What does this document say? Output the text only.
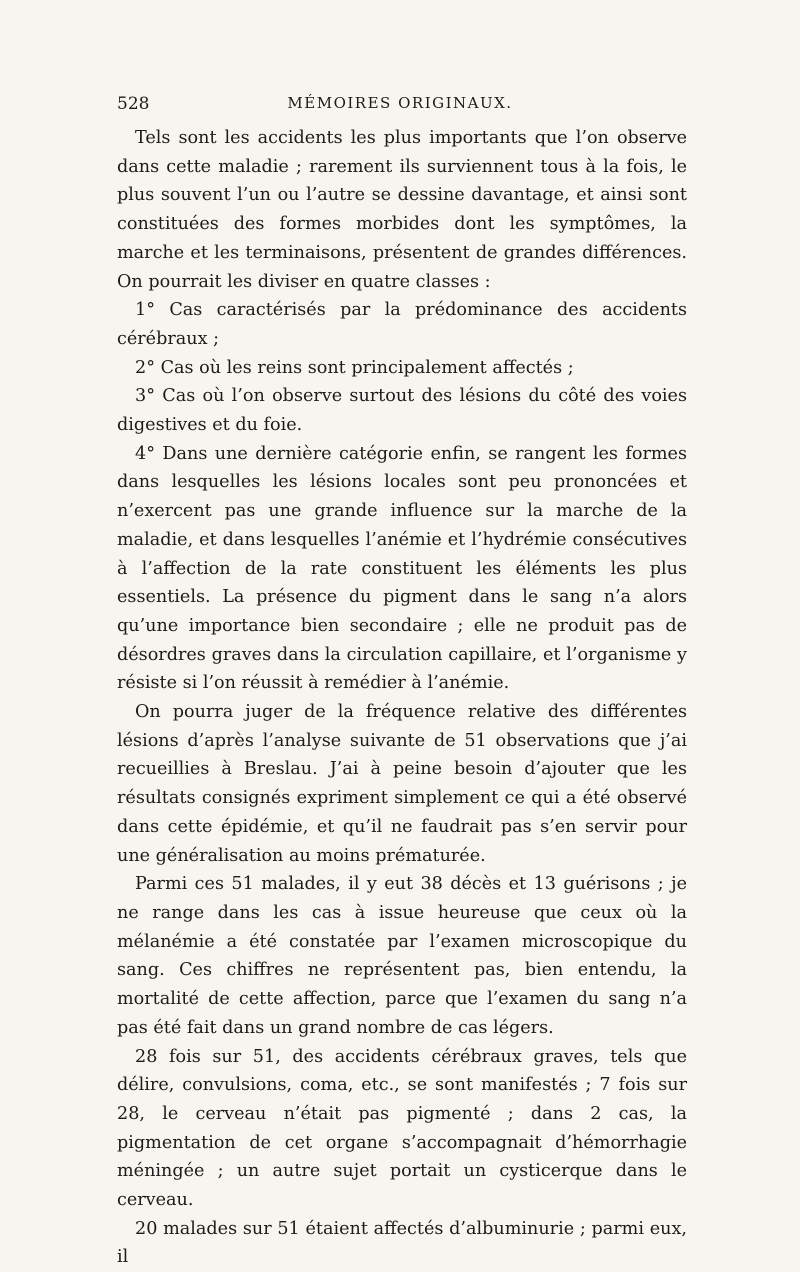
528	MÉMOIRES ORIGINAUX.

Tels sont les accidents les plus importants que l’on observe dans cette maladie ; rarement ils surviennent tous à la fois, le plus souvent l’un ou l’autre se dessine davantage, et ainsi sont constituées des formes morbides dont les symptômes, la marche et les terminaisons, présentent de grandes différences. On pourrait les diviser en quatre classes :

1° Cas caractérisés par la prédominance des accidents cérébraux ;

2° Cas où les reins sont principalement affectés ;

3° Cas où l’on observe surtout des lésions du côté des voies digestives et du foie.

4° Dans une dernière catégorie enfin, se rangent les formes dans lesquelles les lésions locales sont peu prononcées et n’exercent pas une grande influence sur la marche de la maladie, et dans lesquelles l’anémie et l’hydrémie consécutives à l’affection de la rate constituent les éléments les plus essentiels. La présence du pigment dans le sang n’a alors qu’une importance bien secondaire ; elle ne produit pas de désordres graves dans la circulation capillaire, et l’organisme y résiste si l’on réussit à remédier à l’anémie.

On pourra juger de la fréquence relative des différentes lésions d’après l’analyse suivante de 51 observations que j’ai recueillies à Breslau. J’ai à peine besoin d’ajouter que les résultats consignés expriment simplement ce qui a été observé dans cette épidémie, et qu’il ne faudrait pas s’en servir pour une généralisation au moins prématurée.

Parmi ces 51 malades, il y eut 38 décès et 13 guérisons ; je ne range dans les cas à issue heureuse que ceux où la mélanémie a été constatée par l’examen microscopique du sang. Ces chiffres ne représentent pas, bien entendu, la mortalité de cette affection, parce que l’examen du sang n’a pas été fait dans un grand nombre de cas légers.

28 fois sur 51, des accidents cérébraux graves, tels que délire, convulsions, coma, etc., se sont manifestés ; 7 fois sur 28, le cerveau n’était pas pigmenté ; dans 2 cas, la pigmentation de cet organe s’accompagnait d’hémorrhagie méningée ; un autre sujet portait un cysticerque dans le cerveau.

20 malades sur 51 étaient affectés d’albuminurie ; parmi eux, il
